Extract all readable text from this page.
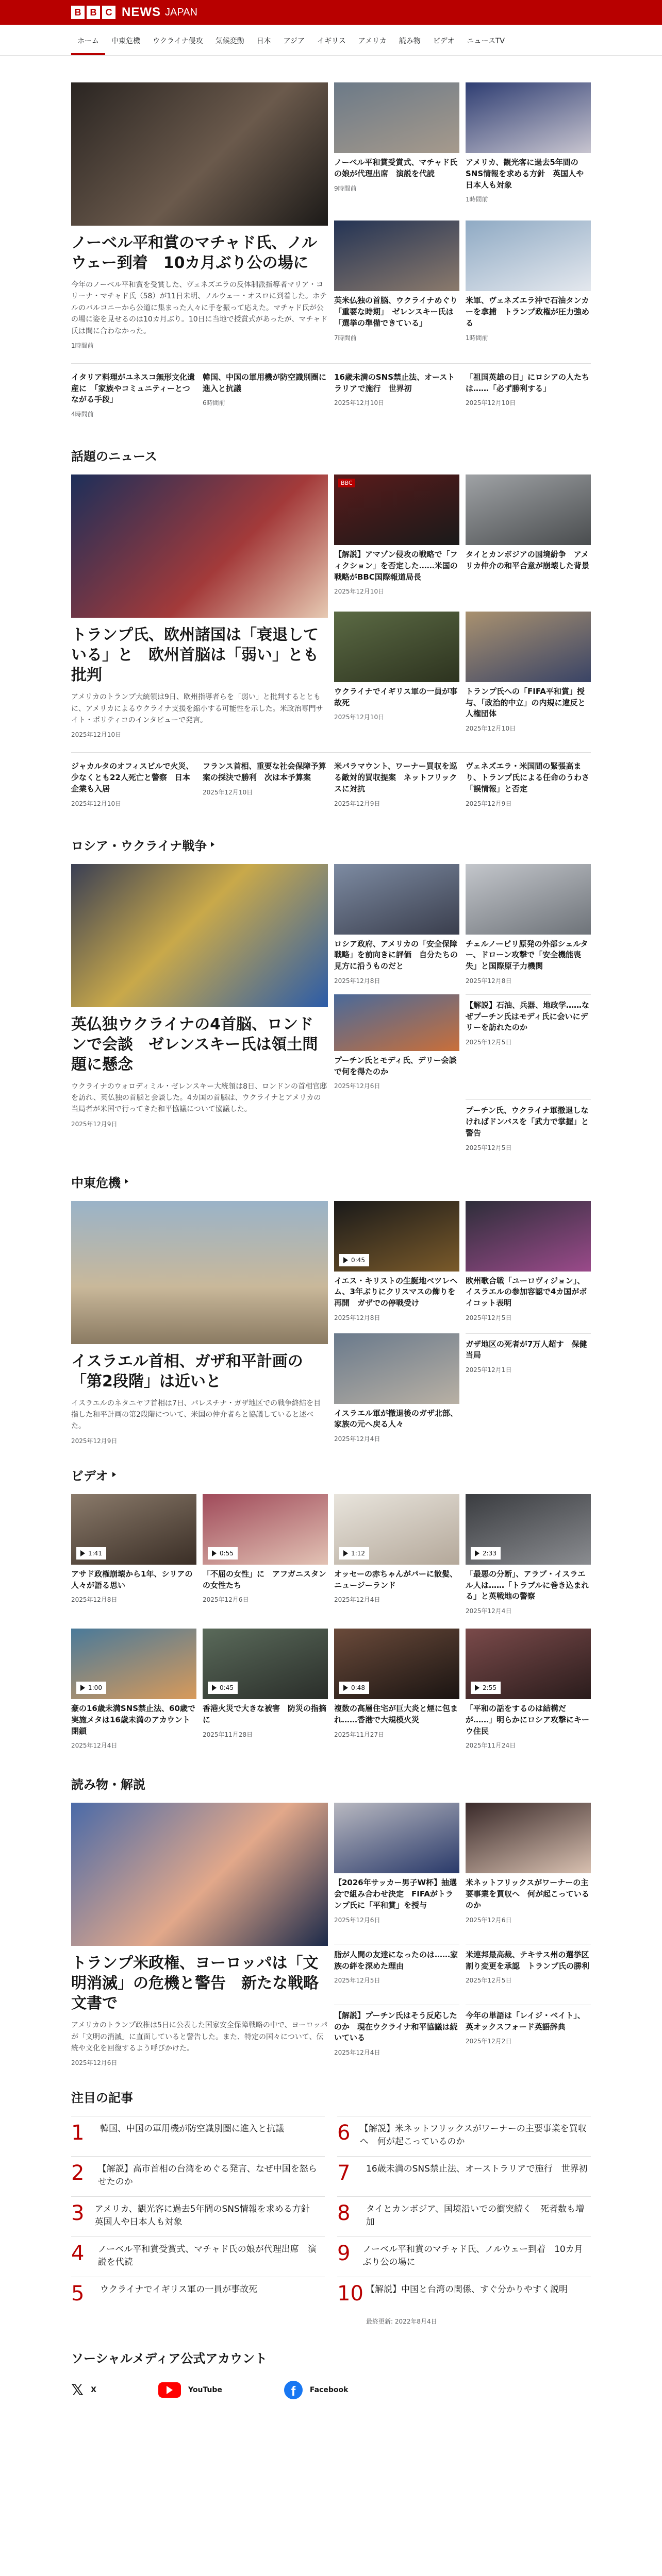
B B C NEWS JAPAN
ホーム	中東危機	ウクライナ侵攻	気候変動	日本	アジア	イギリス	アメリカ	読み物	ビデオ	ニュースTV
ノーベル平和賞のマチャド氏、ノルウェー到着　10カ月ぶり公の場に

今年のノーベル平和賞を受賞した、ヴェネズエラの反体制派指導者マリア・コリーナ・マチャド氏（58）が11日未明、ノルウェー・オスロに到着した。ホテルのバルコニーから公道に集まった人々に手を振って応えた。マチャド氏が公の場に姿を見せるのは10カ月ぶり。10日に当地で授賞式があったが、マチャド氏は間に合わなかった。

1時間前
ノーベル平和賞受賞式、マチャド氏の娘が代理出席　演説を代読
9時間前
アメリカ、観光客に過去5年間のSNS情報を求める方針　英国人や日本人も対象
1時間前
英米仏独の首脳、ウクライナめぐり「重要な時期」　ゼレンスキー氏は「選挙の準備できている」
7時間前
米軍、ヴェネズエラ沖で石油タンカーを拿捕　トランプ政権が圧力強める
1時間前
イタリア料理がユネスコ無形文化遺産に　「家族やコミュニティーとつながる手段」
4時間前
韓国、中国の軍用機が防空識別圏に進入と抗議
6時間前
16歳未満のSNS禁止法、オーストラリアで施行　世界初
2025年12月10日
「祖国英雄の日」にロシアの人たちは……「必ず勝利する」
2025年12月10日
話題のニュース
トランプ氏、欧州諸国は「衰退している」と　欧州首脳は「弱い」とも批判

アメリカのトランプ大統領は9日、欧州指導者らを「弱い」と批判するとともに、アメリカによるウクライナ支援を縮小する可能性を示した。米政治専門サイト・ポリティコのインタビューで発言。

2025年12月10日
BBC
【解説】アマゾン侵攻の戦略で「フィクション」を否定した……米国の戦略がBBC国際報道局長
2025年12月10日
タイとカンボジアの国境紛争　アメリカ仲介の和平合意が崩壊した背景
ウクライナでイギリス軍の一員が事故死
2025年12月10日
トランプ氏への「FIFA平和賞」授与、「政治的中立」の内規に違反と人権団体
2025年12月10日
ジャカルタのオフィスビルで火災、少なくとも22人死亡と警察　日本企業も入居
2025年12月10日
フランス首相、重要な社会保障予算案の採決で勝利　次は本予算案
2025年12月10日
米パラマウント、ワーナー買収を巡る敵対的買収提案　ネットフリックスに対抗
2025年12月9日
ヴェネズエラ・米国間の緊張高まり、トランプ氏による任命のうわさ「誤情報」と否定
2025年12月9日
ロシア・ウクライナ戦争
英仏独ウクライナの4首脳、ロンドンで会談　ゼレンスキー氏は領土問題に懸念

ウクライナのウォロディミル・ゼレンスキー大統領は8日、ロンドンの首相官邸を訪れ、英仏独の首脳と会談した。4カ国の首脳は、ウクライナとアメリカの当局者が米国で行ってきた和平協議について協議した。

2025年12月9日
ロシア政府、アメリカの「安全保障戦略」を前向きに評価　自分たちの見方に沿うものだと
2025年12月8日
チェルノービリ原発の外部シェルター、ドローン攻撃で「安全機能喪失」と国際原子力機関
2025年12月8日
プーチン氏とモディ氏、デリー会談で何を得たのか
2025年12月6日
【解説】石油、兵器、地政学……なぜプーチン氏はモディ氏に会いにデリーを訪れたのか
2025年12月5日
プーチン氏、ウクライナ軍撤退しなければドンバスを「武力で掌握」と警告
2025年12月5日
中東危機
イスラエル首相、ガザ和平計画の「第2段階」は近いと

イスラエルのネタニヤフ首相は7日、パレスチナ・ガザ地区での戦争終結を目指した和平計画の第2段階について、米国の仲介者らと協議していると述べた。

2025年12月9日
0:45
イエス・キリストの生誕地ベツレヘム、3年ぶりにクリスマスの飾りを再開　ガザでの停戦受け
2025年12月8日
欧州歌合戦「ユーロヴィジョン」、イスラエルの参加容認で4カ国がボイコット表明
2025年12月5日
イスラエル軍が撤退後のガザ北部、家族の元へ戻る人々
2025年12月4日
ガザ地区の死者が7万人超す　保健当局
2025年12月1日
ビデオ
1:41
アサド政権崩壊から1年、シリアの人々が語る思い
2025年12月8日
0:55
「不屈の女性」に　アフガニスタンの女性たち
2025年12月6日
1:12
オッセーの赤ちゃんがパーに散髪、ニュージーランド
2025年12月4日
2:33
「最悪の分断」、アラブ・イスラエル人は……「トラブルに巻き込まれる」と英戦地の警察
2025年12月4日
1:00
豪の16歳未満SNS禁止法、60歳で実施メタは16歳未満のアカウント閉鎖
2025年12月4日
0:45
香港火災で大きな被害　防災の指摘に
2025年11月28日
0:48
複数の高層住宅が巨大炎と煙に包まれ……香港で大規模火災
2025年11月27日
2:55
「平和の話をするのは結構だが……」明らかにロシア攻撃にキーウ住民
2025年11月24日
読み物・解説
トランプ米政権、ヨーロッパは「文明消滅」の危機と警告　新たな戦略文書で

アメリカのトランプ政権は5日に公表した国家安全保障戦略の中で、ヨーロッパが「文明の消滅」に直面していると警告した。また、特定の国々について、伝統や文化を回復するよう呼びかけた。

2025年12月6日
【2026年サッカー男子W杯】抽選会で組み合わせ決定　FIFAがトランプ氏に「平和賞」を授与
2025年12月6日
米ネットフリックスがワーナーの主要事業を買収へ　何が起こっているのか
2025年12月6日
脂が人間の友達になったのは……家族の絆を深めた理由
2025年12月5日
米連邦最高裁、テキサス州の選挙区割り変更を承認　トランプ氏の勝利
2025年12月5日
【解説】プーチン氏はそう反応したのか　現在ウクライナ和平協議は続いている
2025年12月4日
今年の単語は「レイジ・ベイト」、英オックスフォード英語辞典
2025年12月2日
注目の記事
1	韓国、中国の軍用機が防空識別圏に進入と抗議
2	【解説】高市首相の台湾をめぐる発言、なぜ中国を怒らせたのか
3 アメリカ、観光客に過去5年間のSNS情報を求める方針　英国人や日本人も対象
4	ノーベル平和賞受賞式、マチャド氏の娘が代理出席　演説を代読
5	ウクライナでイギリス軍の一員が事故死
6 【解説】米ネットフリックスがワーナーの主要事業を買収へ　何が起こっているのか
7	16歳未満のSNS禁止法、オーストラリアで施行　世界初
8	タイとカンボジア、国境沿いでの衝突続く　死者数も増加
9	ノーベル平和賞のマチャド氏、ノルウェー到着　10カ月ぶり公の場に
10 【解説】中国と台湾の関係、すぐ分かりやすく説明
最終更新: 2022年8月4日
ソーシャルメディア公式アカウント
𝕏 X	YouTube	f	Facebook
